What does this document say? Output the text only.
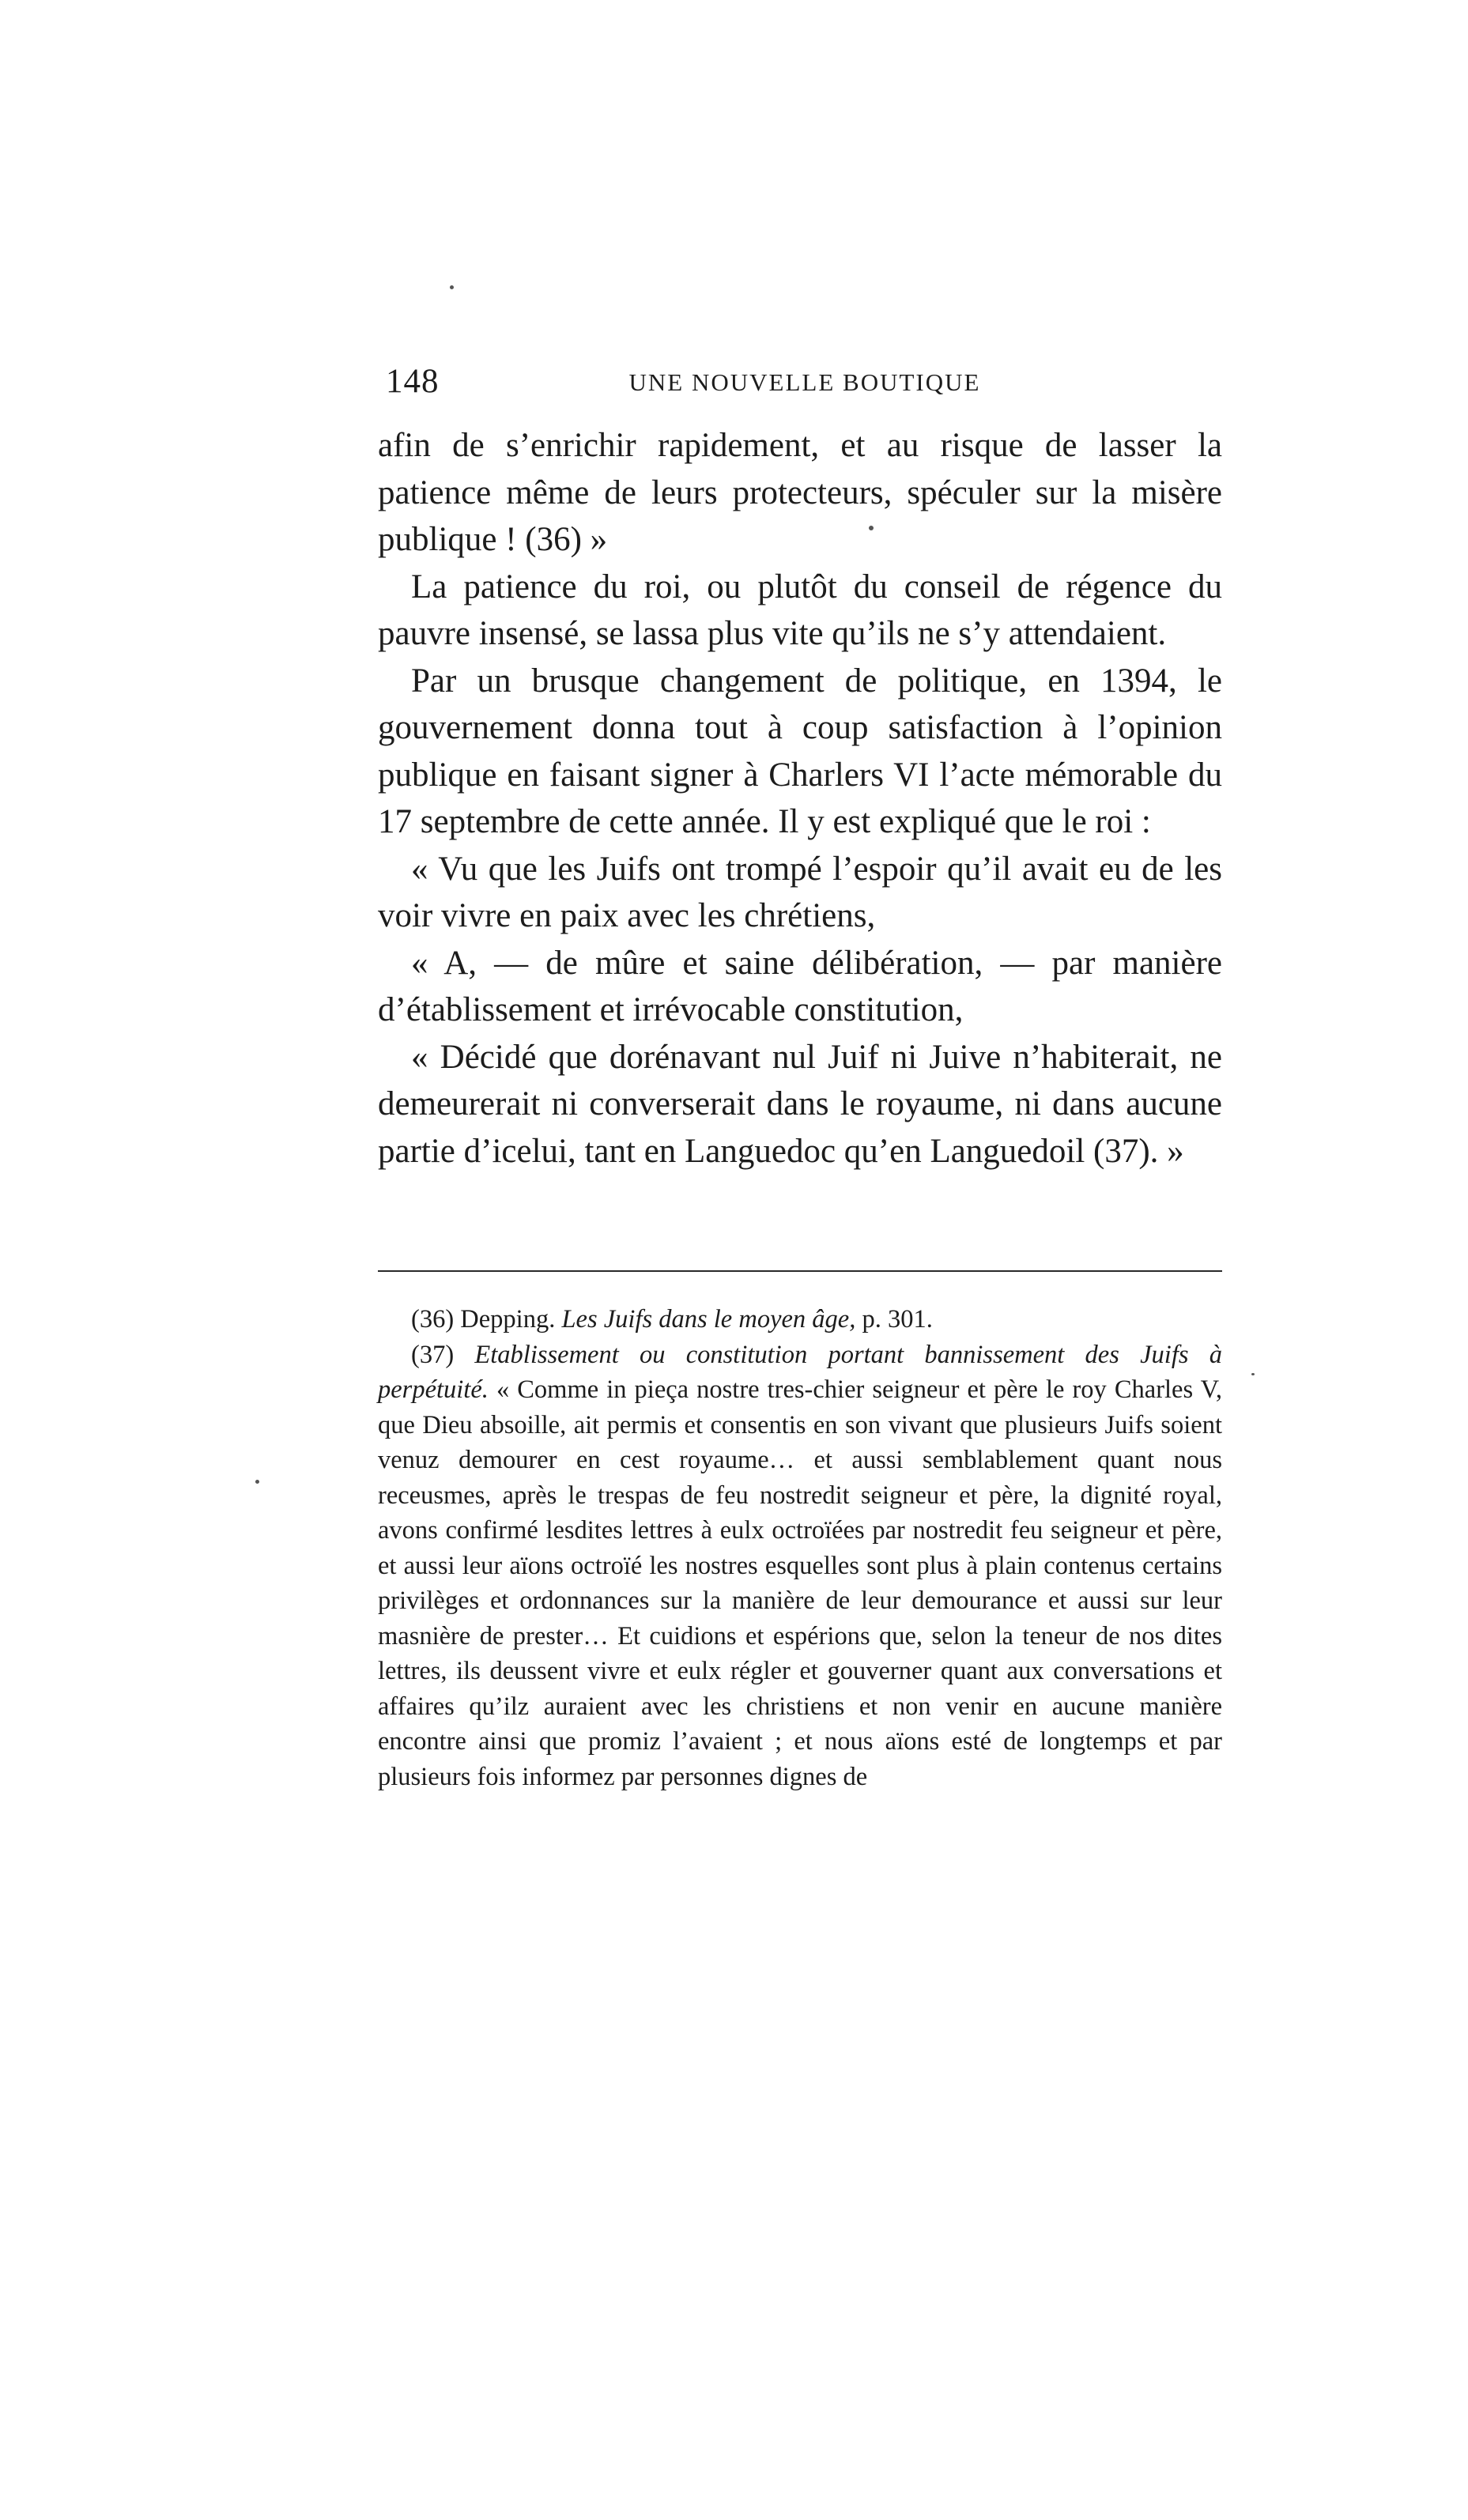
148	UNE NOUVELLE BOUTIQUE

afin de s’enrichir rapidement, et au risque de lasser la patience même de leurs protecteurs, spéculer sur la misère publique ! (36) »

La patience du roi, ou plutôt du conseil de régence du pauvre insensé, se lassa plus vite qu’ils ne s’y attendaient.

Par un brusque changement de politique, en 1394, le gouvernement donna tout à coup satisfaction à l’opinion publique en faisant signer à Charlers VI l’acte mémorable du 17 septembre de cette année. Il y est expliqué que le roi :

« Vu que les Juifs ont trompé l’espoir qu’il avait eu de les voir vivre en paix avec les chrétiens,

« A, — de mûre et saine délibération, — par manière d’établissement et irrévocable constitution,

« Décidé que dorénavant nul Juif ni Juive n’habiterait, ne demeurerait ni converserait dans le royaume, ni dans aucune partie d’icelui, tant en Languedoc qu’en Languedoil (37). »

(36) Depping. Les Juifs dans le moyen âge, p. 301.

(37) Etablissement ou constitution portant bannissement des Juifs à perpétuité. « Comme in pieça nostre tres-chier seigneur et père le roy Charles V, que Dieu absoille, ait permis et consentis en son vivant que plusieurs Juifs soient venuz demourer en cest royaume… et aussi semblablement quant nous receusmes, après le trespas de feu nostredit seigneur et père, la dignité royal, avons confirmé lesdites lettres à eulx octroïées par nostredit feu seigneur et père, et aussi leur aïons octroïé les nostres esquelles sont plus à plain contenus certains privilèges et ordonnances sur la manière de leur demourance et aussi sur leur masnière de prester… Et cuidions et espérions que, selon la teneur de nos dites lettres, ils deussent vivre et eulx régler et gouverner quant aux conversations et affaires qu’ilz auraient avec les christiens et non venir en aucune manière encontre ainsi que promiz l’avaient ; et nous aïons esté de longtemps et par plusieurs fois informez par personnes dignes de
